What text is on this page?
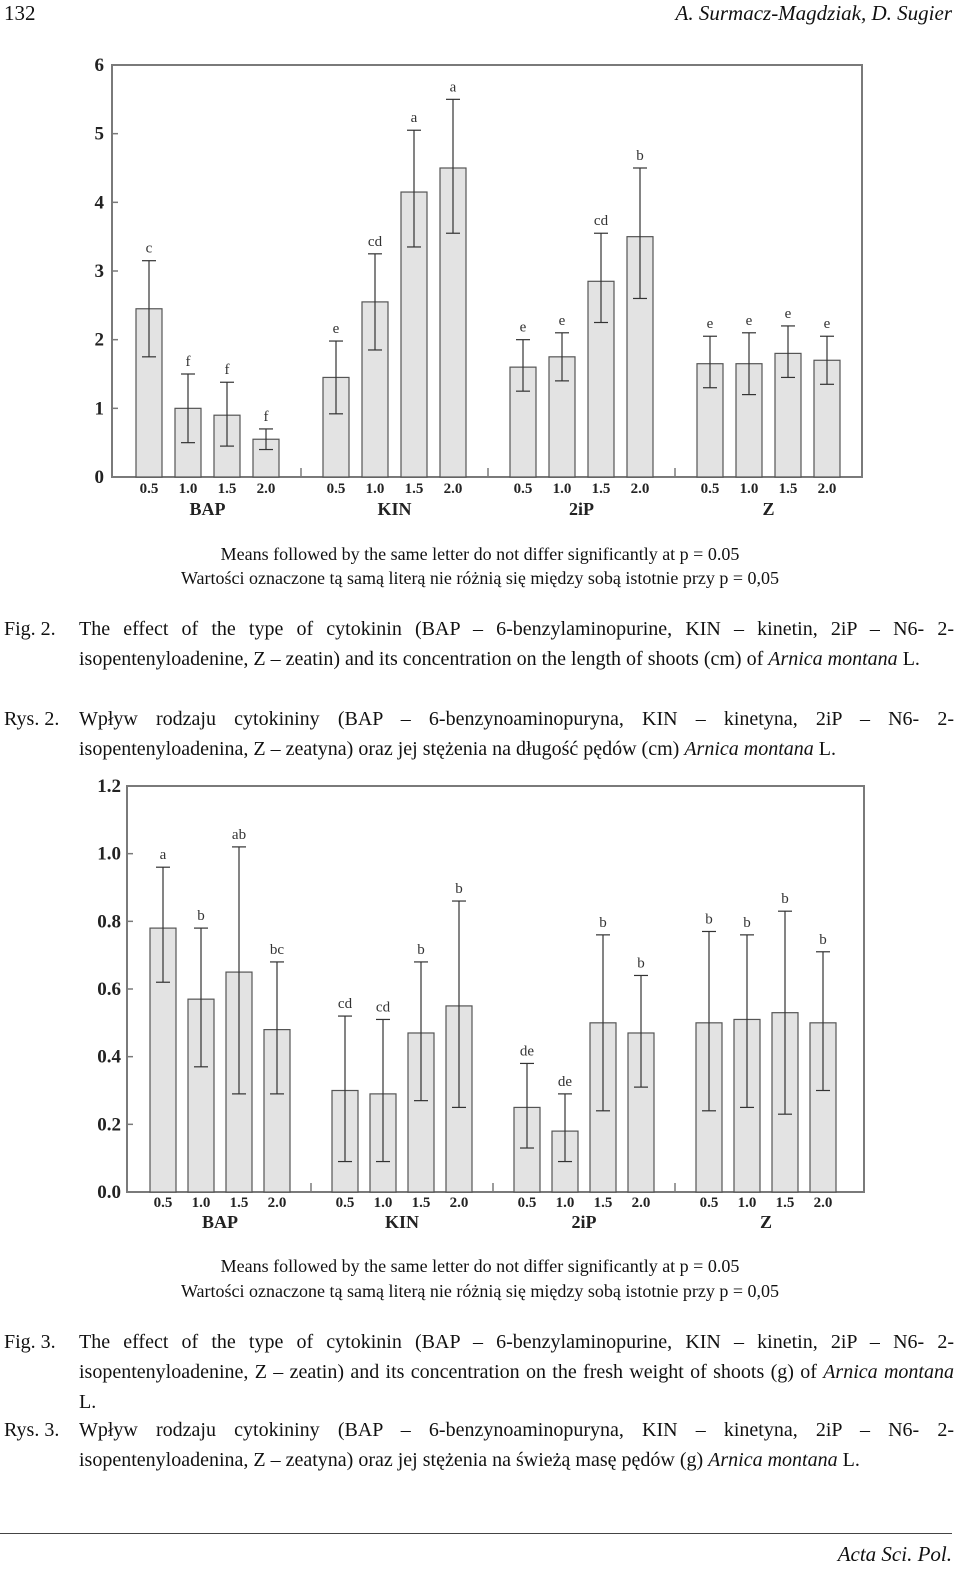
132	A. Surmacz-Magdziak, D. Sugier
0
1
2
3
4
5
6
c
0.5
f
1.0
f
1.5
f
2.0
BAP
e
0.5
cd
1.0
a
1.5
a
2.0
KIN
e
0.5
e
1.0
cd
1.5
b
2.0
2iP
e
0.5
e
1.0
e
1.5
e
2.0
Z
Means followed by the same letter do not differ significantly at p = 0.05
Wartości oznaczone tą samą literą nie różnią się między sobą istotnie przy p = 0,05
Fig. 2. The effect of the type of cytokinin (BAP – 6-benzylaminopurine, KIN – kinetin, 2iP – N6- 2-isopentenyloadenine, Z – zeatin) and its concentration on the length of shoots (cm) of Arnica montana L.
Rys. 2. Wpływ rodzaju cytokininy (BAP – 6-benzynoaminopuryna, KIN – kinetyna, 2iP – N6- 2-isopentenyloadenina, Z – zeatyna) oraz jej stężenia na długość pędów (cm) Arnica montana L.
0.0
0.2
0.4
0.6
0.8
1.0
1.2
a
0.5
b
1.0
ab
1.5
bc
2.0
BAP
cd
0.5
cd
1.0
b
1.5
b
2.0
KIN
de
0.5
de
1.0
b
1.5
b
2.0
2iP
b
0.5
b
1.0
b
1.5
b
2.0
Z
Means followed by the same letter do not differ significantly at p = 0.05
Wartości oznaczone tą samą literą nie różnią się między sobą istotnie przy p = 0,05
Fig. 3. The effect of the type of cytokinin (BAP – 6-benzylaminopurine, KIN – kinetin, 2iP – N6- 2-isopentenyloadenine, Z – zeatin) and its concentration on the fresh weight of shoots (g) of Arnica montana L.
Rys. 3. Wpływ rodzaju cytokininy (BAP – 6-benzynoaminopuryna, KIN – kinetyna, 2iP – N6- 2-isopentenyloadenina, Z – zeatyna) oraz jej stężenia na świeżą masę pędów (g) Arnica montana L.
Acta Sci. Pol.
